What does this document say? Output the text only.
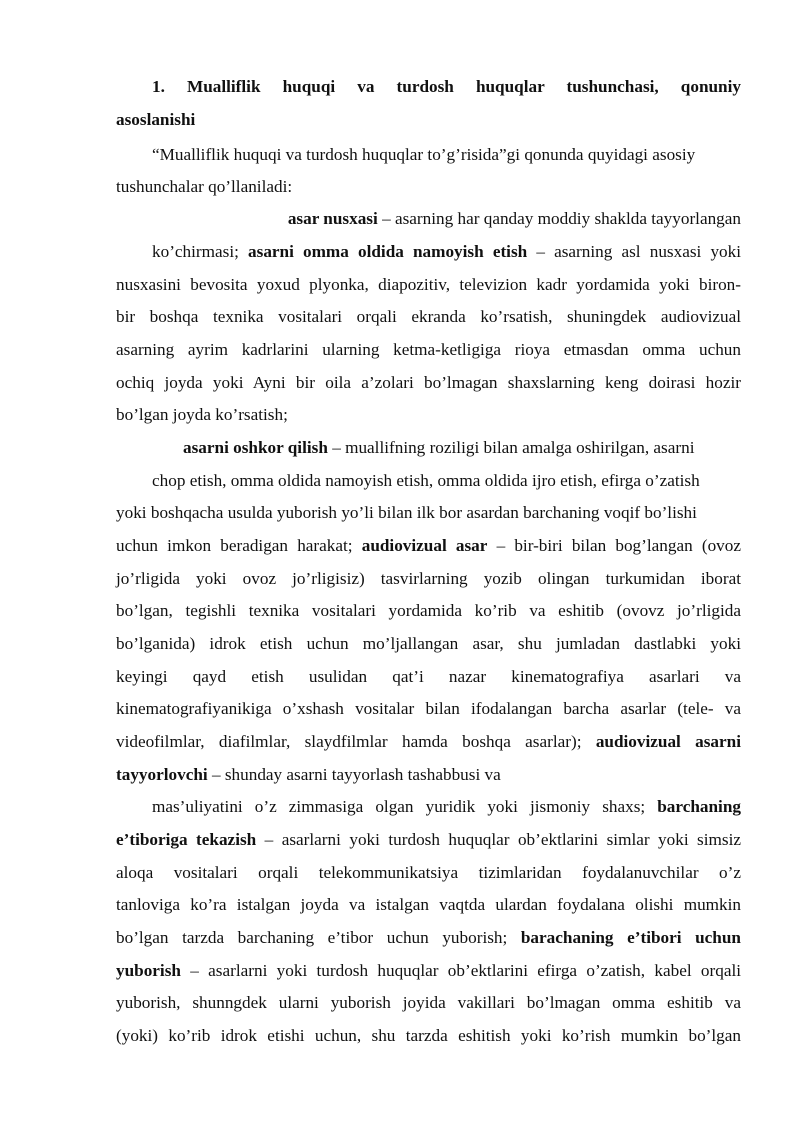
1. Mualliflik huquqi va turdosh huquqlar tushunchasi, qonuniy
asoslanishi
“Mualliflik huquqi va turdosh huquqlar to’g’risida”gi qonunda quyidagi asosiy
tushunchalar qo’llaniladi:
asar nusxasi – asarning har qanday moddiy shaklda tayyorlangan
ko’chirmasi; asarni omma oldida namoyish etish – asarning asl nusxasi yoki
nusxasini bevosita yoxud plyonka, diapozitiv, televizion kadr yordamida yoki biron-
bir boshqa texnika vositalari orqali ekranda ko’rsatish, shuningdek audiovizual
asarning ayrim kadrlarini ularning ketma-ketligiga rioya etmasdan omma uchun
ochiq joyda yoki Ayni bir oila a’zolari bo’lmagan shaxslarning keng doirasi hozir
bo’lgan joyda ko’rsatish;
asarni oshkor qilish – muallifning roziligi bilan amalga oshirilgan, asarni
chop etish, omma oldida namoyish etish, omma oldida ijro etish, efirga o’zatish
yoki boshqacha usulda yuborish yo’li bilan ilk bor asardan barchaning voqif bo’lishi
uchun imkon beradigan harakat; audiovizual asar – bir-biri bilan bog’langan (ovoz
jo’rligida yoki ovoz jo’rligisiz) tasvirlarning yozib olingan turkumidan iborat
bo’lgan, tegishli texnika vositalari yordamida ko’rib va eshitib (ovovz jo’rligida
bo’lganida) idrok etish uchun mo’ljallangan asar, shu jumladan dastlabki yoki
keyingi qayd etish usulidan qat’i nazar kinematografiya asarlari va
kinematografiyanikiga o’xshash vositalar bilan ifodalangan barcha asarlar (tele- va
videofilmlar, diafilmlar, slaydfilmlar hamda boshqa asarlar); audiovizual asarni
tayyorlovchi – shunday asarni tayyorlash tashabbusi va
mas’uliyatini o’z zimmasiga olgan yuridik yoki jismoniy shaxs; barchaning
e’tiboriga tekazish – asarlarni yoki turdosh huquqlar ob’ektlarini simlar yoki simsiz
aloqa vositalari orqali telekommunikatsiya tizimlaridan foydalanuvchilar o’z
tanloviga ko’ra istalgan joyda va istalgan vaqtda ulardan foydalana olishi mumkin
bo’lgan tarzda barchaning e’tibor uchun yuborish; barachaning e’tibori uchun
yuborish – asarlarni yoki turdosh huquqlar ob’ektlarini efirga o’zatish, kabel orqali
yuborish, shunngdek ularni yuborish joyida vakillari bo’lmagan omma eshitib va
(yoki) ko’rib idrok etishi uchun, shu tarzda eshitish yoki ko’rish mumkin bo’lgan
